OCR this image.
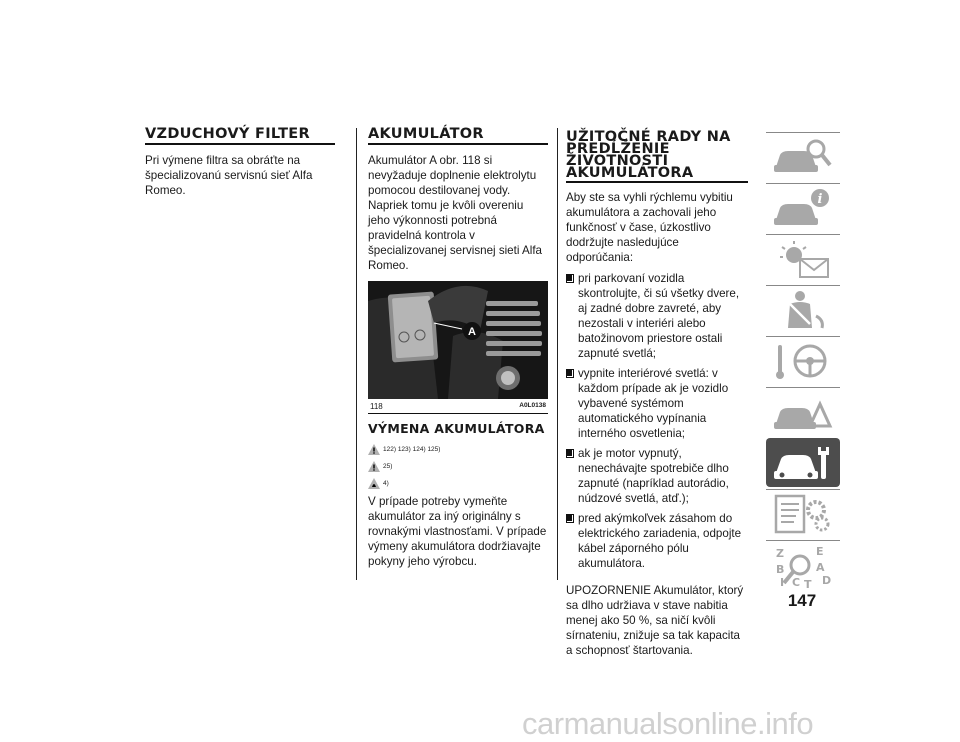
VZDUCHOVÝ FILTER

Pri výmene filtra sa obráťte na špecializovanú servisnú sieť Alfa Romeo.

AKUMULÁTOR

Akumulátor A obr. 118 si nevyžaduje doplnenie elektrolytu pomocou destilovanej vody. Napriek tomu je kvôli overeniu jeho výkonnosti potrebná pravidelná kontrola v špecializovanej servisnej sieti Alfa Romeo.

A
118	A0L0138
VÝMENA AKUMULÁTORA
122) 123) 124) 125)
25)
4)

V prípade potreby vymeňte akumulátor za iný originálny s rovnakými vlastnosťami. V prípade výmeny akumulátora dodržiavajte pokyny jeho výrobcu.

UŽITOČNÉ RADY NA
PREDĹŽENIE
ŽIVOTNOSTI
AKUMULÁTORA

Aby ste sa vyhli rýchlemu vybitiu akumulátora a zachovali jeho funkčnosť v čase, úzkostlivo dodržujte nasledujúce odporúčania:

pri parkovaní vozidla skontrolujte, či sú všetky dvere, aj zadné dobre zavreté, aby nezostali v interiéri alebo batožinovom priestore ostali zapnuté svetlá;
vypnite interiérové svetlá: v každom prípade ak je vozidlo vybavené systémom automatického vypínania interného osvetlenia;
ak je motor vypnutý, nenechávajte spotrebiče dlho zapnuté (napríklad autorádio, núdzové svetlá, atď.);
pred akýmkoľvek zásahom do elektrického zariadenia, odpojte kábel záporného pólu akumulátora.

UPOZORNENIE Akumulátor, ktorý sa dlho udržiava v stave nabitia menej ako 50 %, sa ničí kvôli sírnateniu, znižuje sa tak kapacita a schopnosť štartovania.

i
Z	E
B	A
C D
T
I
147
carmanualsonline.info
